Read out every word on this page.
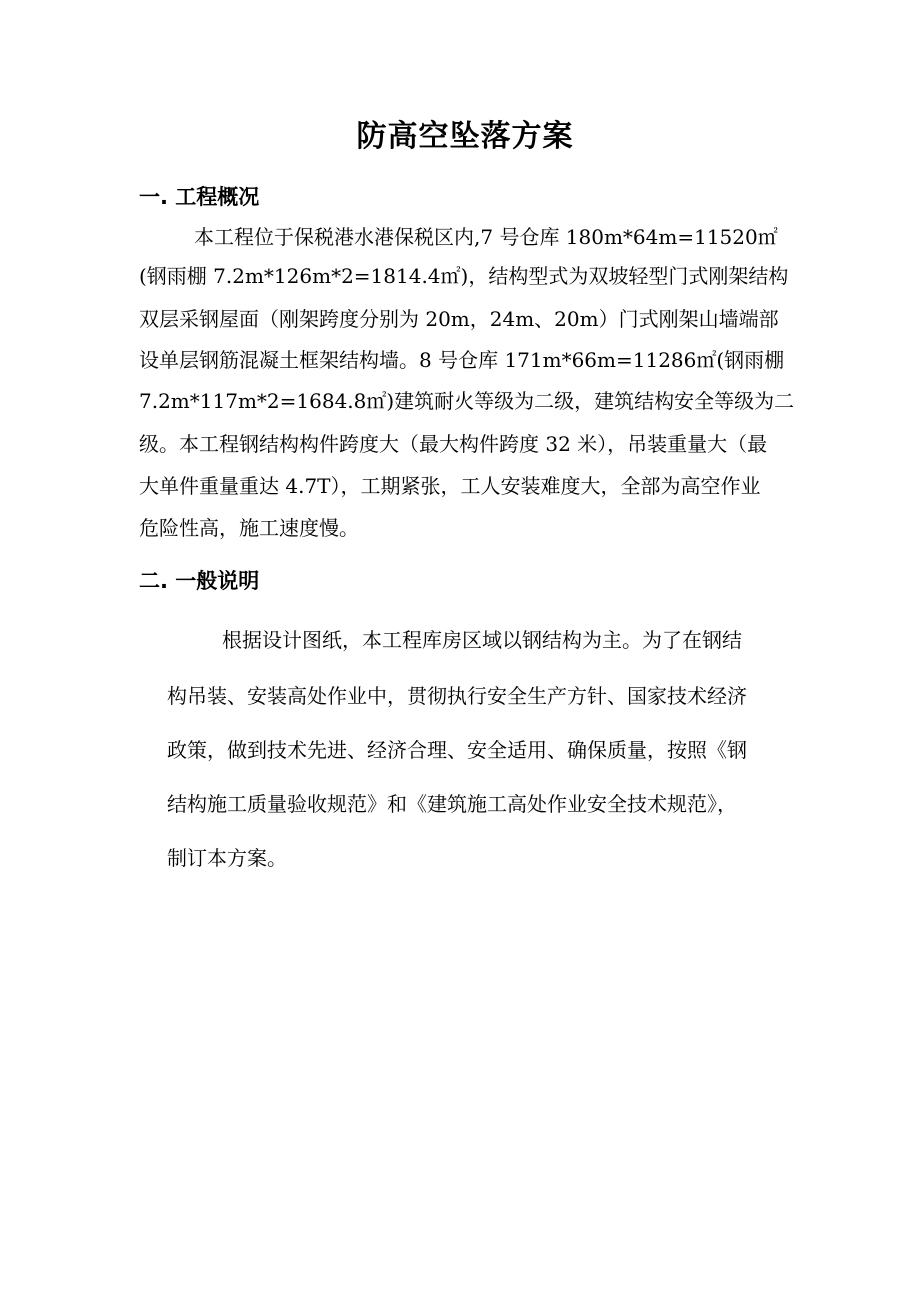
防高空坠落方案
一. 工程概况

本工程位于保税港水港保税区内,7 号仓库 180m*64m=11520㎡

(钢雨棚 7.2m*126m*2=1814.4㎡)，结构型式为双坡轻型门式刚架结构

双层采钢屋面（刚架跨度分别为 20m，24m、20m）门式刚架山墙端部

设单层钢筋混凝土框架结构墙。8 号仓库 171m*66m=11286㎡(钢雨棚

7.2m*117m*2=1684.8㎡)建筑耐火等级为二级，建筑结构安全等级为二

级。本工程钢结构构件跨度大（最大构件跨度 32 米），吊装重量大（最

大单件重量重达 4.7T），工期紧张，工人安装难度大，全部为高空作业

危险性高，施工速度慢。

二. 一般说明

根据设计图纸，本工程库房区域以钢结构为主。为了在钢结

构吊装、安装高处作业中，贯彻执行安全生产方针、国家技术经济

政策，做到技术先进、经济合理、安全适用、确保质量，按照《钢

结构施工质量验收规范》和《建筑施工高处作业安全技术规范》，

制订本方案。
